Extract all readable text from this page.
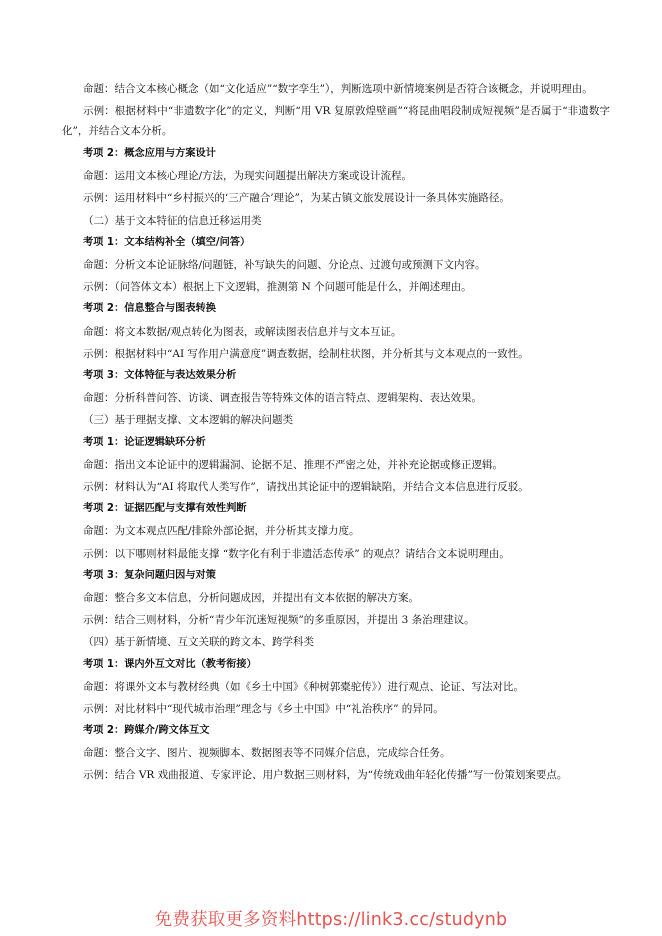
命题：结合文本核心概念（如“文化适应”“数字孪生”），判断选项中新情境案例是否符合该概念，并说明理由。

示例：根据材料中“非遗数字化”的定义，判断“用 VR 复原敦煌壁画”“将昆曲唱段制成短视频”是否属于“非遗数字化”，并结合文本分析。

考项 2：概念应用与方案设计

命题：运用文本核心理论/方法，为现实问题提出解决方案或设计流程。

示例：运用材料中“乡村振兴的‘三产融合’理论”，为某古镇文旅发展设计一条具体实施路径。

（二）基于文本特征的信息迁移运用类

考项 1：文本结构补全（填空/问答）

命题：分析文本论证脉络/问题链，补写缺失的问题、分论点、过渡句或预测下文内容。

示例：（问答体文本）根据上下文逻辑，推测第 N 个问题可能是什么，并阐述理由。

考项 2：信息整合与图表转换

命题：将文本数据/观点转化为图表，或解读图表信息并与文本互证。

示例：根据材料中“AI 写作用户满意度”调查数据，绘制柱状图，并分析其与文本观点的一致性。

考项 3：文体特征与表达效果分析

命题：分析科普问答、访谈、调查报告等特殊文体的语言特点、逻辑架构、表达效果。

（三）基于理据支撑、文本逻辑的解决问题类

考项 1：论证逻辑缺环分析

命题：指出文本论证中的逻辑漏洞、论据不足、推理不严密之处，并补充论据或修正逻辑。

示例：材料认为“AI 将取代人类写作”，请找出其论证中的逻辑缺陷，并结合文本信息进行反驳。

考项 2：证据匹配与支撑有效性判断

命题：为文本观点匹配/排除外部论据，并分析其支撑力度。

示例：以下哪则材料最能支撑 “数字化有利于非遗活态传承” 的观点？请结合文本说明理由。

考项 3：复杂问题归因与对策

命题：整合多文本信息，分析问题成因，并提出有文本依据的解决方案。

示例：结合三则材料，分析“青少年沉迷短视频”的多重原因，并提出 3 条治理建议。

（四）基于新情境、互文关联的跨文本、跨学科类

考项 1：课内外互文对比（教考衔接）

命题：将课外文本与教材经典（如《乡土中国》《种树郭橐驼传》）进行观点、论证、写法对比。

示例：对比材料中“现代城市治理”理念与《乡土中国》中“礼治秩序” 的异同。

考项 2：跨媒介/跨文体互文

命题：整合文字、图片、视频脚本、数据图表等不同媒介信息，完成综合任务。

示例：结合 VR 戏曲报道、专家评论、用户数据三则材料，为“传统戏曲年轻化传播”写一份策划案要点。

免费获取更多资料https://link3.cc/studynb
